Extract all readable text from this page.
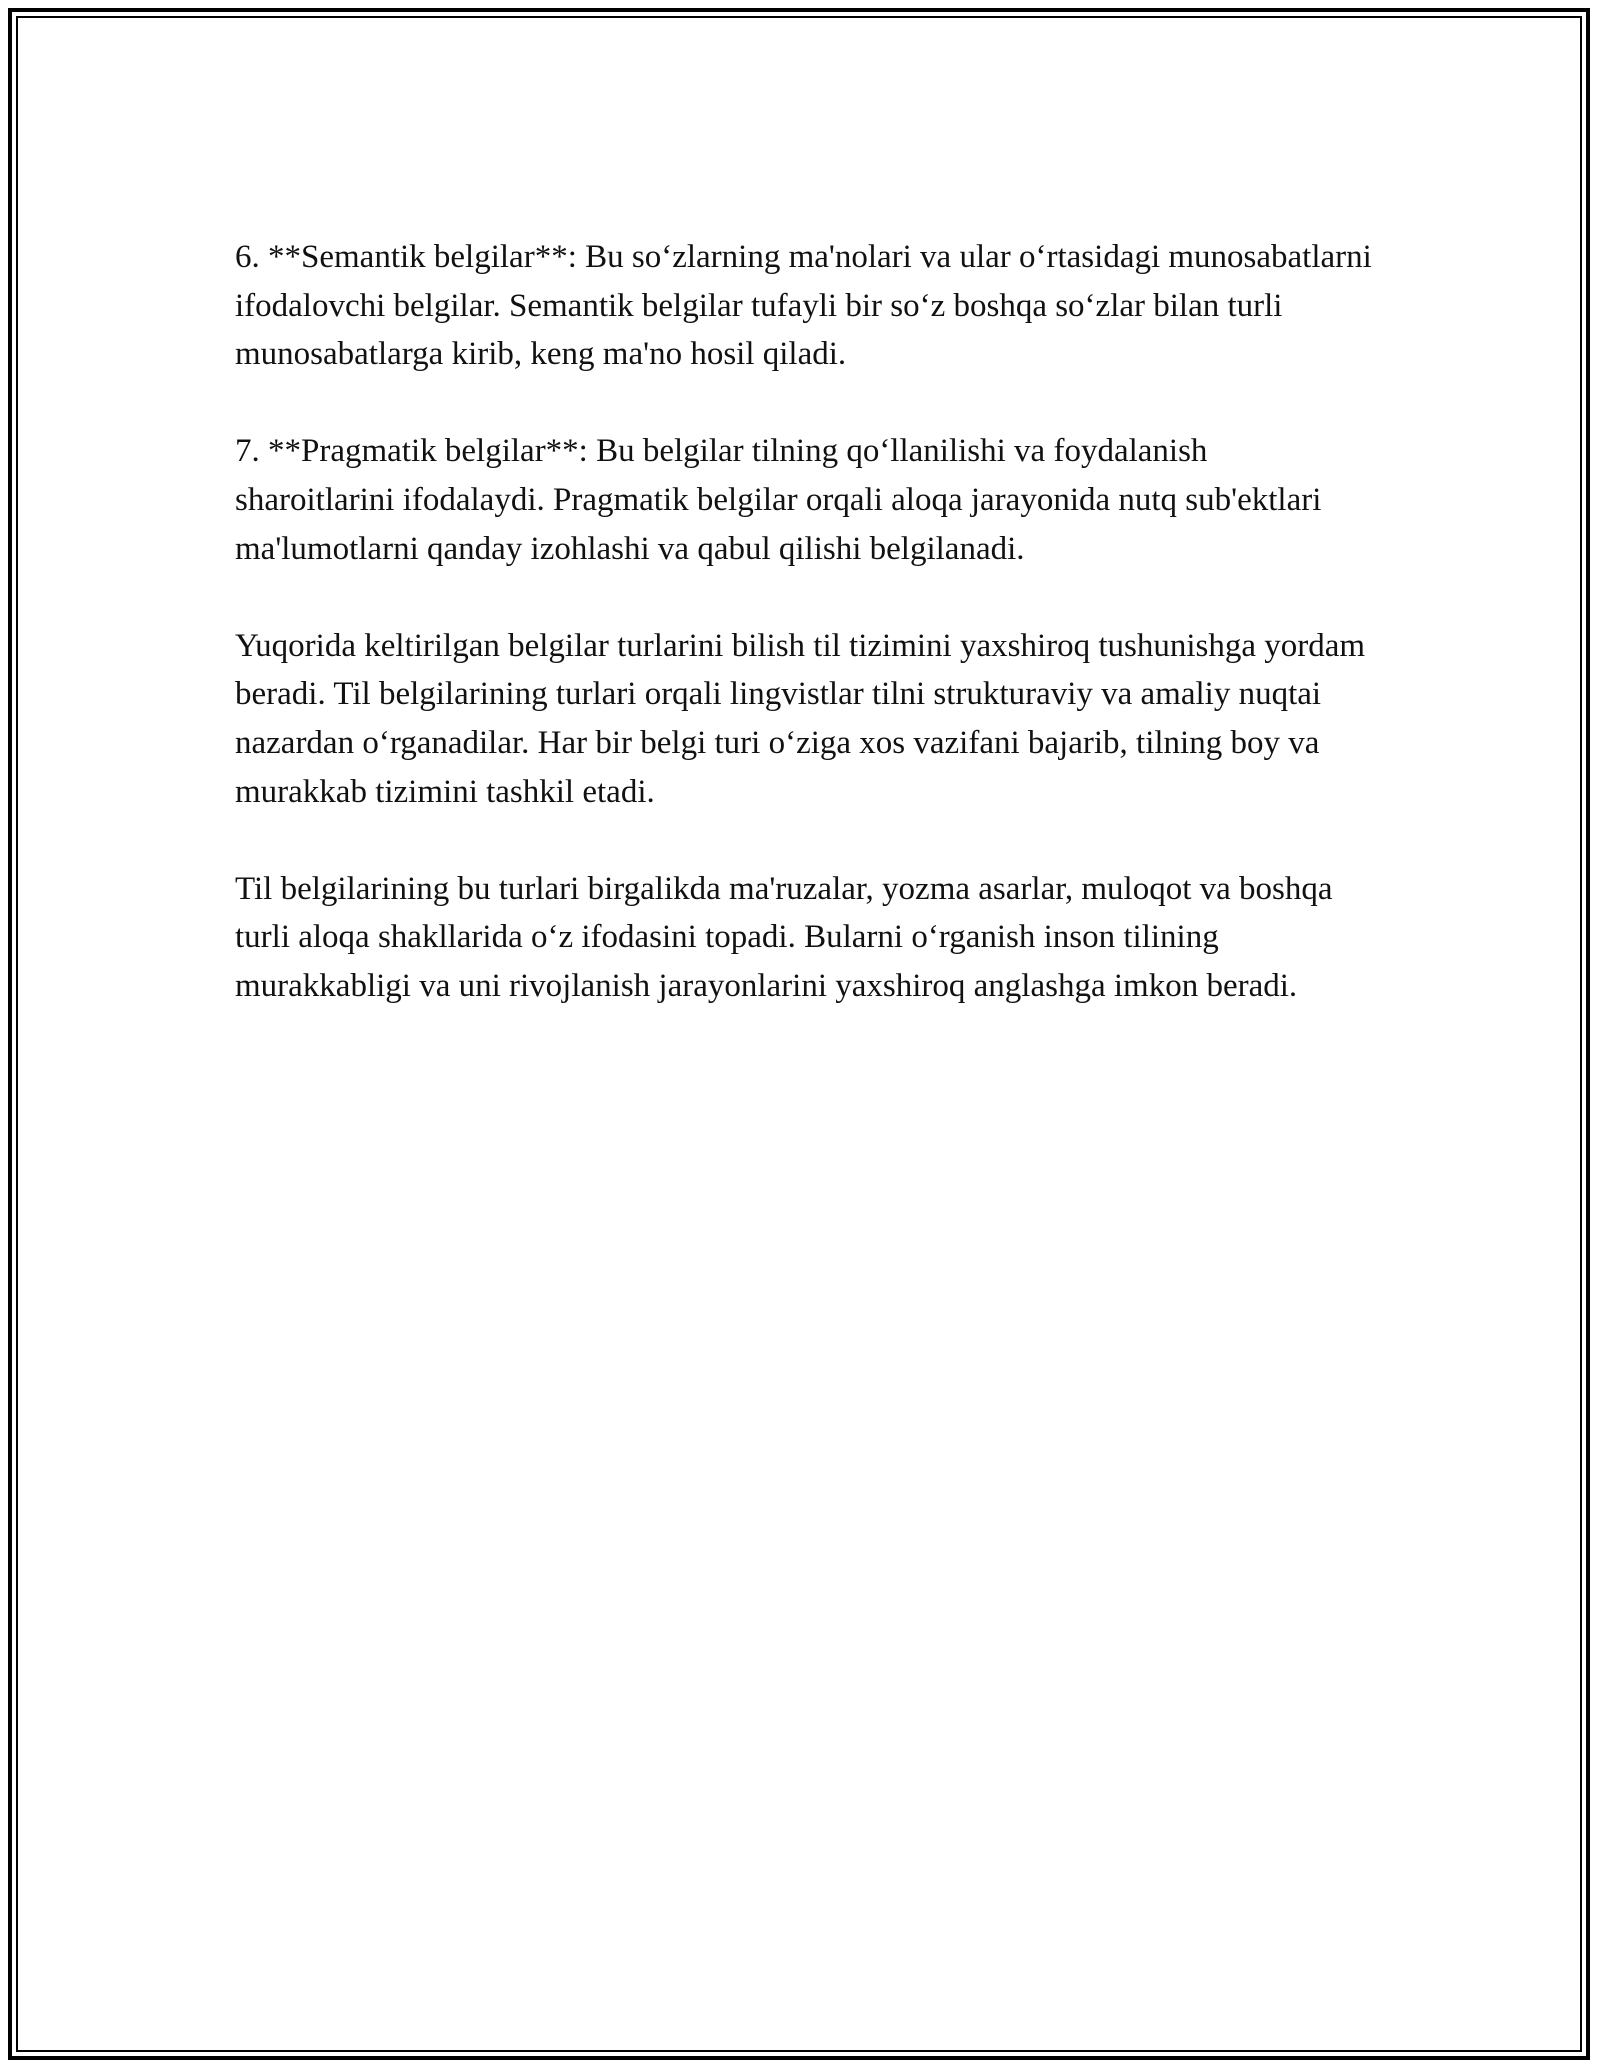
6. **Semantik belgilar**: Bu so‘zlarning ma'nolari va ular o‘rtasidagi munosabatlarni ifodalovchi belgilar. Semantik belgilar tufayli bir so‘z boshqa so‘zlar bilan turli munosabatlarga kirib, keng ma'no hosil qiladi.

7. **Pragmatik belgilar**: Bu belgilar tilning qo‘llanilishi va foydalanish sharoitlarini ifodalaydi. Pragmatik belgilar orqali aloqa jarayonida nutq sub'ektlari ma'lumotlarni qanday izohlashi va qabul qilishi belgilanadi.

Yuqorida keltirilgan belgilar turlarini bilish til tizimini yaxshiroq tushunishga yordam beradi. Til belgilarining turlari orqali lingvistlar tilni strukturaviy va amaliy nuqtai nazardan o‘rganadilar. Har bir belgi turi o‘ziga xos vazifani bajarib, tilning boy va murakkab tizimini tashkil etadi.

Til belgilarining bu turlari birgalikda ma'ruzalar, yozma asarlar, muloqot va boshqa turli aloqa shakllarida o‘z ifodasini topadi. Bularni o‘rganish inson tilining murakkabligi va uni rivojlanish jarayonlarini yaxshiroq anglashga imkon beradi.
